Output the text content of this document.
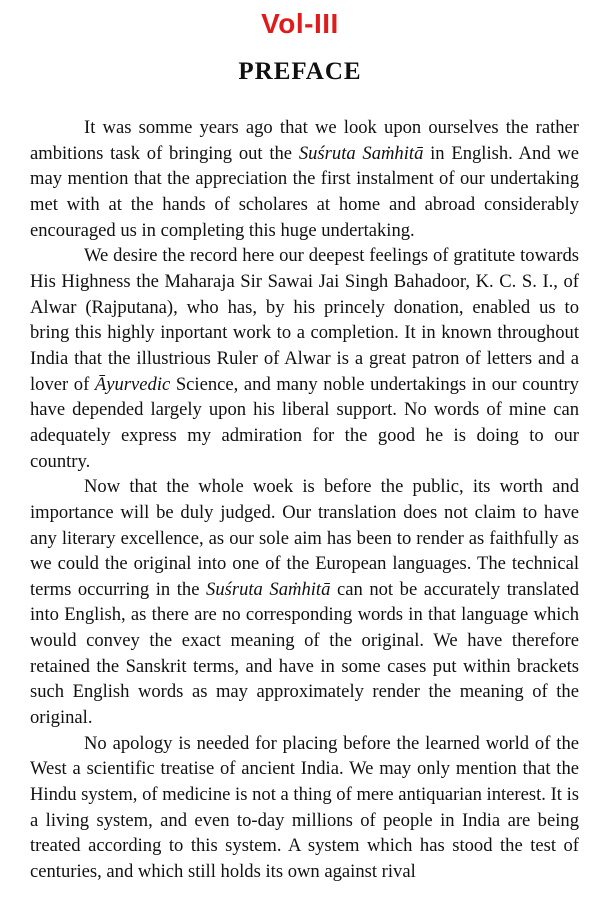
Vol-III
PREFACE

It was somme years ago that we look upon ourselves the rather ambitions task of bringing out the Suśruta Saṁhitā in English. And we may mention that the appreciation the first instalment of our undertaking met with at the hands of scholares at home and abroad considerably encouraged us in completing this huge undertaking.

We desire the record here our deepest feelings of gratitute towards His Highness the Maharaja Sir Sawai Jai Singh Bahadoor, K. C. S. I., of Alwar (Rajputana), who has, by his princely donation, enabled us to bring this highly inportant work to a completion. It in known throughout India that the illustrious Ruler of Alwar is a great patron of letters and a lover of Āyurvedic Science, and many noble undertakings in our country have depended largely upon his liberal support. No words of mine can adequately express my admiration for the good he is doing to our country.

Now that the whole woek is before the public, its worth and importance will be duly judged. Our translation does not claim to have any literary excellence, as our sole aim has been to render as faithfully as we could the original into one of the European languages. The technical terms occurring in the Suśruta Saṁhitā can not be accurately translated into English, as there are no corresponding words in that language which would convey the exact meaning of the original. We have therefore retained the Sanskrit terms, and have in some cases put within brackets such English words as may approximately render the meaning of the original.

No apology is needed for placing before the learned world of the West a scientific treatise of ancient India. We may only mention that the Hindu system, of medicine is not a thing of mere antiquarian interest. It is a living system, and even to-day millions of people in India are being treated according to this system. A system which has stood the test of centuries, and which still holds its own against rival
